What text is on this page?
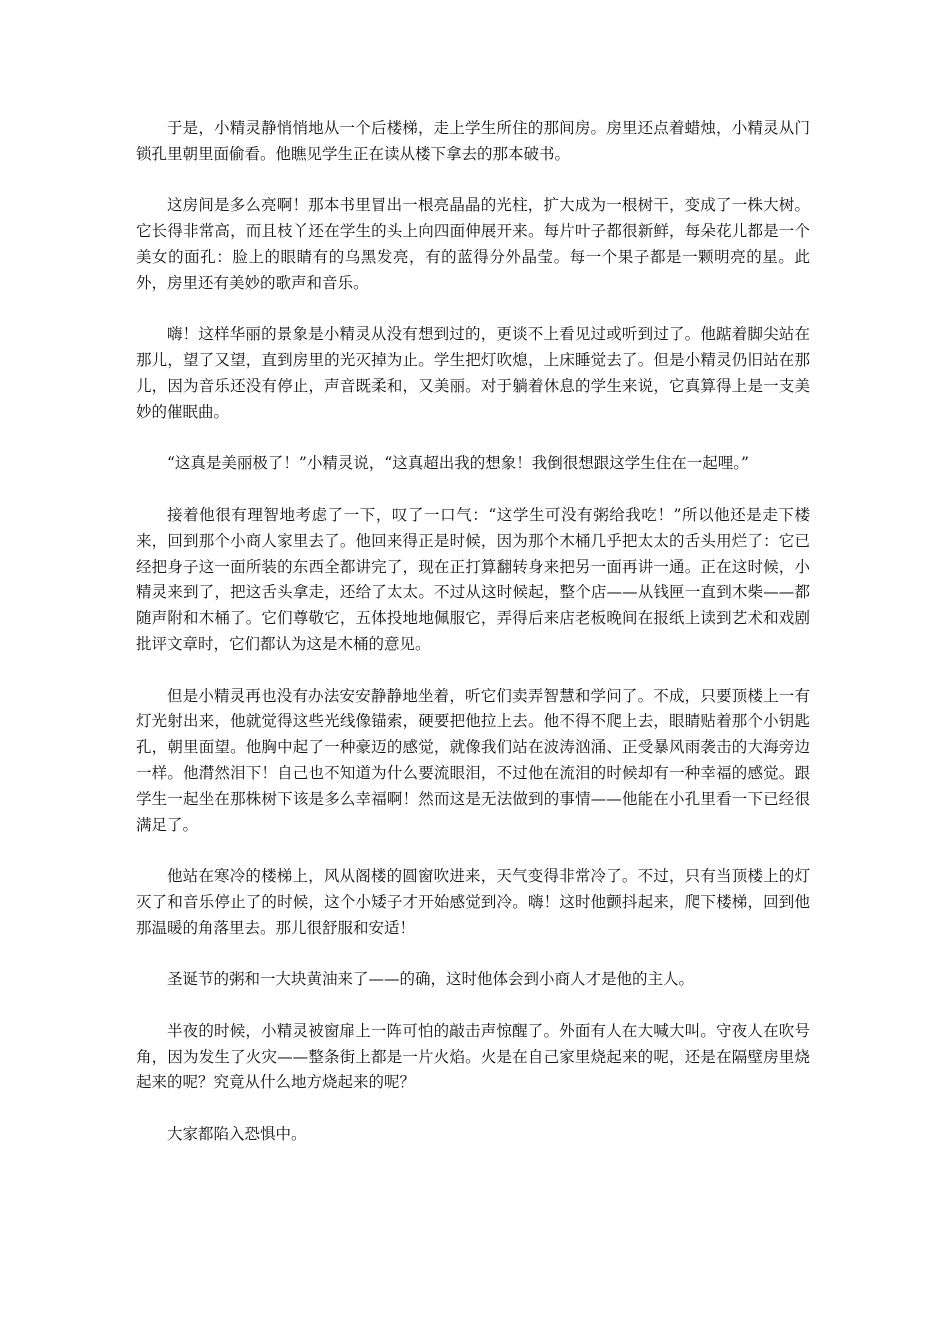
于是，小精灵静悄悄地从一个后楼梯，走上学生所住的那间房。房里还点着蜡烛，小精灵从门锁孔里朝里面偷看。他瞧见学生正在读从楼下拿去的那本破书。

这房间是多么亮啊！那本书里冒出一根亮晶晶的光柱，扩大成为一根树干，变成了一株大树。它长得非常高，而且枝丫还在学生的头上向四面伸展开来。每片叶子都很新鲜，每朵花儿都是一个美女的面孔：脸上的眼睛有的乌黑发亮，有的蓝得分外晶莹。每一个果子都是一颗明亮的星。此外，房里还有美妙的歌声和音乐。

嗨！这样华丽的景象是小精灵从没有想到过的，更谈不上看见过或听到过了。他踮着脚尖站在那儿，望了又望，直到房里的光灭掉为止。学生把灯吹熄，上床睡觉去了。但是小精灵仍旧站在那儿，因为音乐还没有停止，声音既柔和，又美丽。对于躺着休息的学生来说，它真算得上是一支美妙的催眠曲。

“这真是美丽极了！”小精灵说，“这真超出我的想象！我倒很想跟这学生住在一起哩。”

接着他很有理智地考虑了一下，叹了一口气：“这学生可没有粥给我吃！”所以他还是走下楼来，回到那个小商人家里去了。他回来得正是时候，因为那个木桶几乎把太太的舌头用烂了：它已经把身子这一面所装的东西全都讲完了，现在正打算翻转身来把另一面再讲一通。正在这时候，小精灵来到了，把这舌头拿走，还给了太太。不过从这时候起，整个店——从钱匣一直到木柴——都随声附和木桶了。它们尊敬它，五体投地地佩服它，弄得后来店老板晚间在报纸上读到艺术和戏剧批评文章时，它们都认为这是木桶的意见。

但是小精灵再也没有办法安安静静地坐着，听它们卖弄智慧和学问了。不成，只要顶楼上一有灯光射出来，他就觉得这些光线像锚索，硬要把他拉上去。他不得不爬上去，眼睛贴着那个小钥匙孔，朝里面望。他胸中起了一种豪迈的感觉，就像我们站在波涛汹涌、正受暴风雨袭击的大海旁边一样。他潸然泪下！自己也不知道为什么要流眼泪，不过他在流泪的时候却有一种幸福的感觉。跟学生一起坐在那株树下该是多么幸福啊！然而这是无法做到的事情——他能在小孔里看一下已经很满足了。

他站在寒冷的楼梯上，风从阁楼的圆窗吹进来，天气变得非常冷了。不过，只有当顶楼上的灯灭了和音乐停止了的时候，这个小矮子才开始感觉到冷。嗨！这时他颤抖起来，爬下楼梯，回到他那温暖的角落里去。那儿很舒服和安适！

圣诞节的粥和一大块黄油来了——的确，这时他体会到小商人才是他的主人。

半夜的时候，小精灵被窗扉上一阵可怕的敲击声惊醒了。外面有人在大喊大叫。守夜人在吹号角，因为发生了火灾——整条街上都是一片火焰。火是在自己家里烧起来的呢，还是在隔壁房里烧起来的呢？究竟从什么地方烧起来的呢？

大家都陷入恐惧中。
